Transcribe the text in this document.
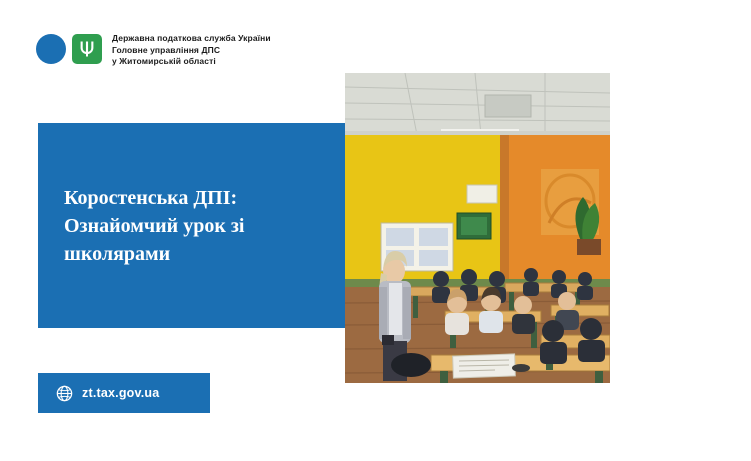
Державна податкова служба України
Головне управління ДПС
у Житомирській області
Коростенська ДПІ:
Ознайомчий урок зі
школярами
zt.tax.gov.ua
